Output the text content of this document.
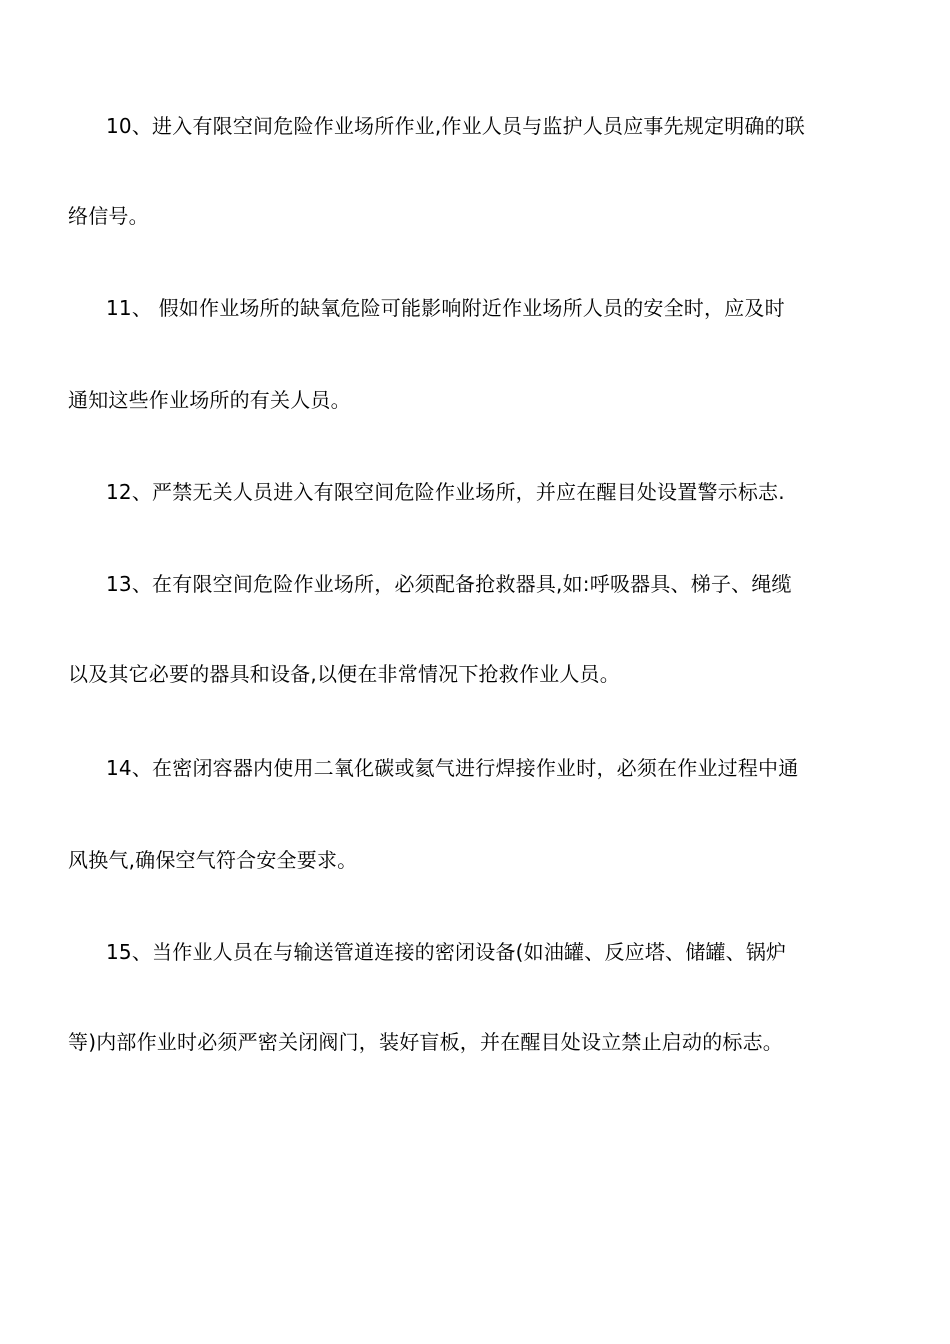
10、进入有限空间危险作业场所作业,作业人员与监护人员应事先规定明确的联
络信号。
11、 假如作业场所的缺氧危险可能影响附近作业场所人员的安全时，应及时
通知这些作业场所的有关人员。
12、严禁无关人员进入有限空间危险作业场所，并应在醒目处设置警示标志.
13、在有限空间危险作业场所，必须配备抢救器具,如:呼吸器具、梯子、绳缆
以及其它必要的器具和设备,以便在非常情况下抢救作业人员。
14、在密闭容器内使用二氧化碳或氦气进行焊接作业时，必须在作业过程中通
风换气,确保空气符合安全要求。
15、当作业人员在与输送管道连接的密闭设备(如油罐、反应塔、储罐、锅炉
等)内部作业时必须严密关闭阀门，装好盲板，并在醒目处设立禁止启动的标志。
